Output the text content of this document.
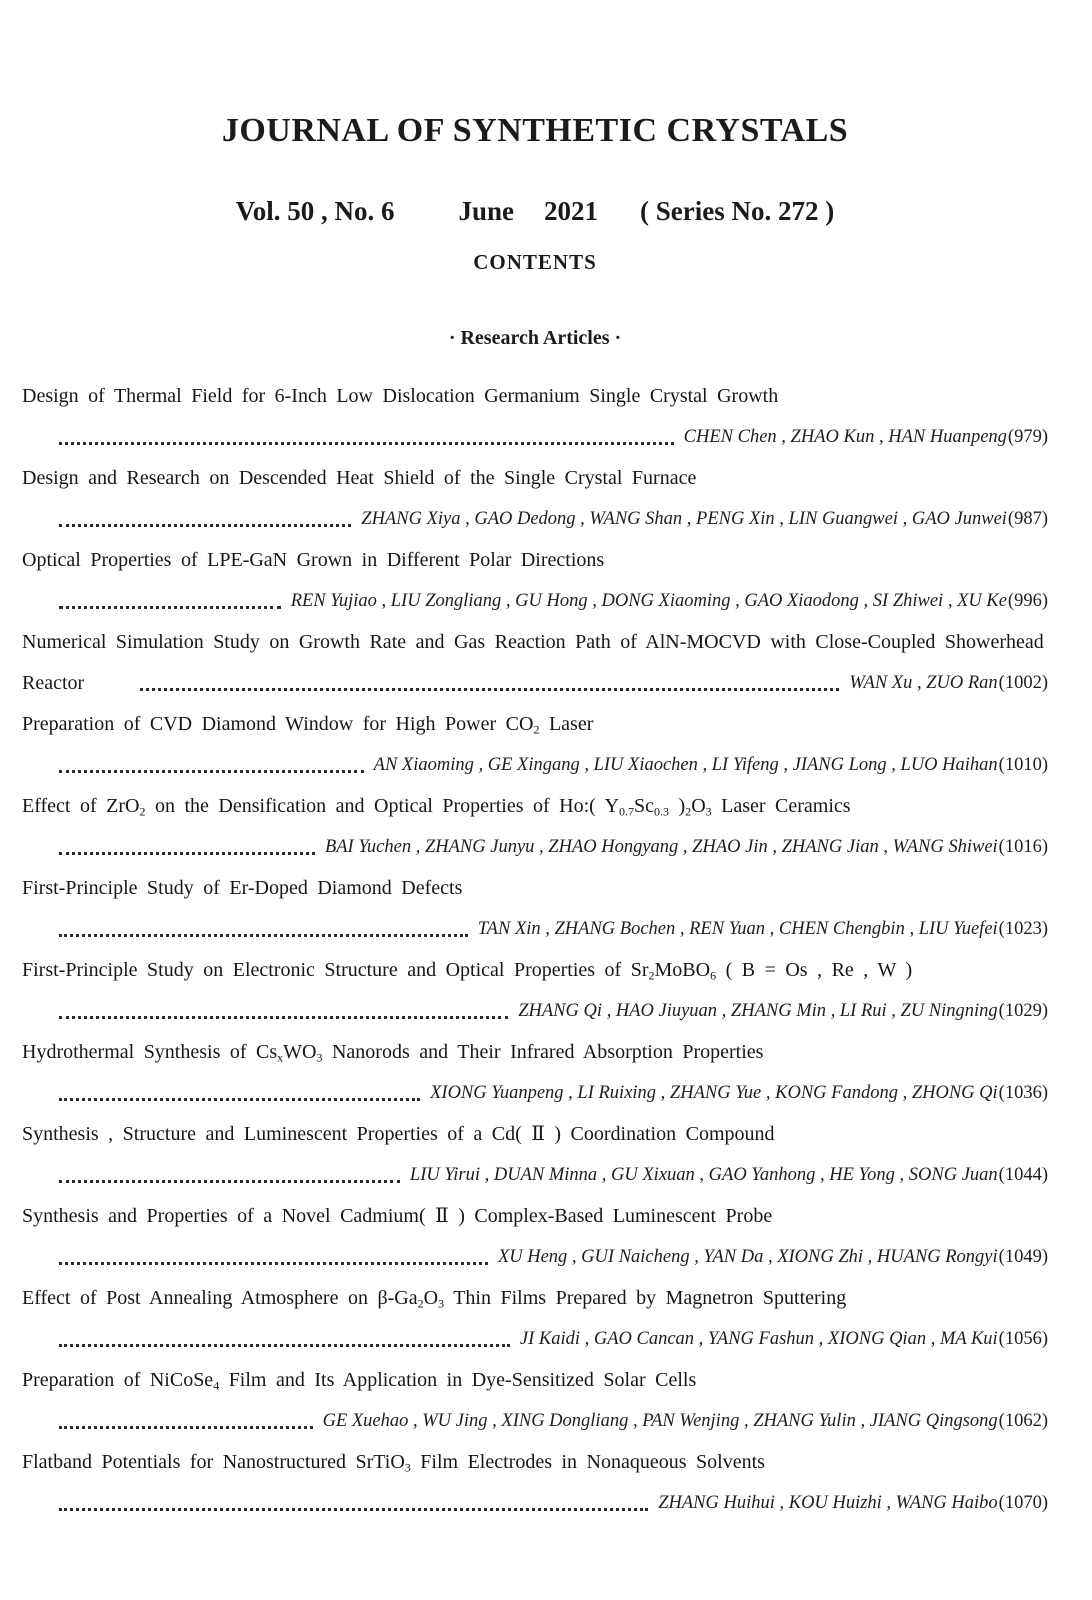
JOURNAL OF SYNTHETIC CRYSTALS
Vol. 50 , No. 6 June 2021 ( Series No. 272 )
CONTENTS
· Research Articles ·
Design of Thermal Field for 6-Inch Low Dislocation Germanium Single Crystal Growth
CHEN Chen , ZHAO Kun , HAN Huanpeng (979)
Design and Research on Descended Heat Shield of the Single Crystal Furnace
ZHANG Xiya , GAO Dedong , WANG Shan , PENG Xin , LIN Guangwei , GAO Junwei (987)
Optical Properties of LPE-GaN Grown in Different Polar Directions
REN Yujiao , LIU Zongliang , GU Hong , DONG Xiaoming , GAO Xiaodong , SI Zhiwei , XU Ke (996)
Numerical Simulation Study on Growth Rate and Gas Reaction Path of AlN-MOCVD with Close-Coupled Showerhead
Reactor	WAN Xu , ZUO Ran (1002)
Preparation of CVD Diamond Window for High Power $CO_2$ Laser
AN Xiaoming , GE Xingang , LIU Xiaochen , LI Yifeng , JIANG Long , LUO Haihan (1010)
Effect of ZrO$_2$ on the Densification and Optical Properties of Ho:( $Y_{0.7}Sc_{0.3}$ )$_2O_3$ Laser Ceramics
BAI Yuchen , ZHANG Junyu , ZHAO Hongyang , ZHAO Jin , ZHANG Jian , WANG Shiwei (1016)
First-Principle Study of Er-Doped Diamond Defects
TAN Xin , ZHANG Bochen , REN Yuan , CHEN Chengbin , LIU Yuefei (1023)
First-Principle Study on Electronic Structure and Optical Properties of $Sr_2MoBO_6$ ( B = Os , Re , W )
ZHANG Qi , HAO Jiuyuan , ZHANG Min , LI Rui , ZU Ningning (1029)
Hydrothermal Synthesis of $Cs_xWO_3$ Nanorods and Their Infrared Absorption Properties
XIONG Yuanpeng , LI Ruixing , ZHANG Yue , KONG Fandong , ZHONG Qi (1036)
Synthesis , Structure and Luminescent Properties of a Cd( Ⅱ ) Coordination Compound
LIU Yirui , DUAN Minna , GU Xixuan , GAO Yanhong , HE Yong , SONG Juan (1044)
Synthesis and Properties of a Novel Cadmium( Ⅱ ) Complex-Based Luminescent Probe
XU Heng , GUI Naicheng , YAN Da , XIONG Zhi , HUANG Rongyi (1049)
Effect of Post Annealing Atmosphere on $\beta-Ga_2O_3$ Thin Films Prepared by Magnetron Sputtering
JI Kaidi , GAO Cancan , YANG Fashun , XIONG Qian , MA Kui (1056)
Preparation of NiCoSe$_4$ Film and Its Application in Dye-Sensitized Solar Cells
GE Xuehao , WU Jing , XING Dongliang , PAN Wenjing , ZHANG Yulin , JIANG Qingsong (1062)
Flatband Potentials for Nanostructured SrTiO$_3$ Film Electrodes in Nonaqueous Solvents
ZHANG Huihui , KOU Huizhi , WANG Haibo (1070)
